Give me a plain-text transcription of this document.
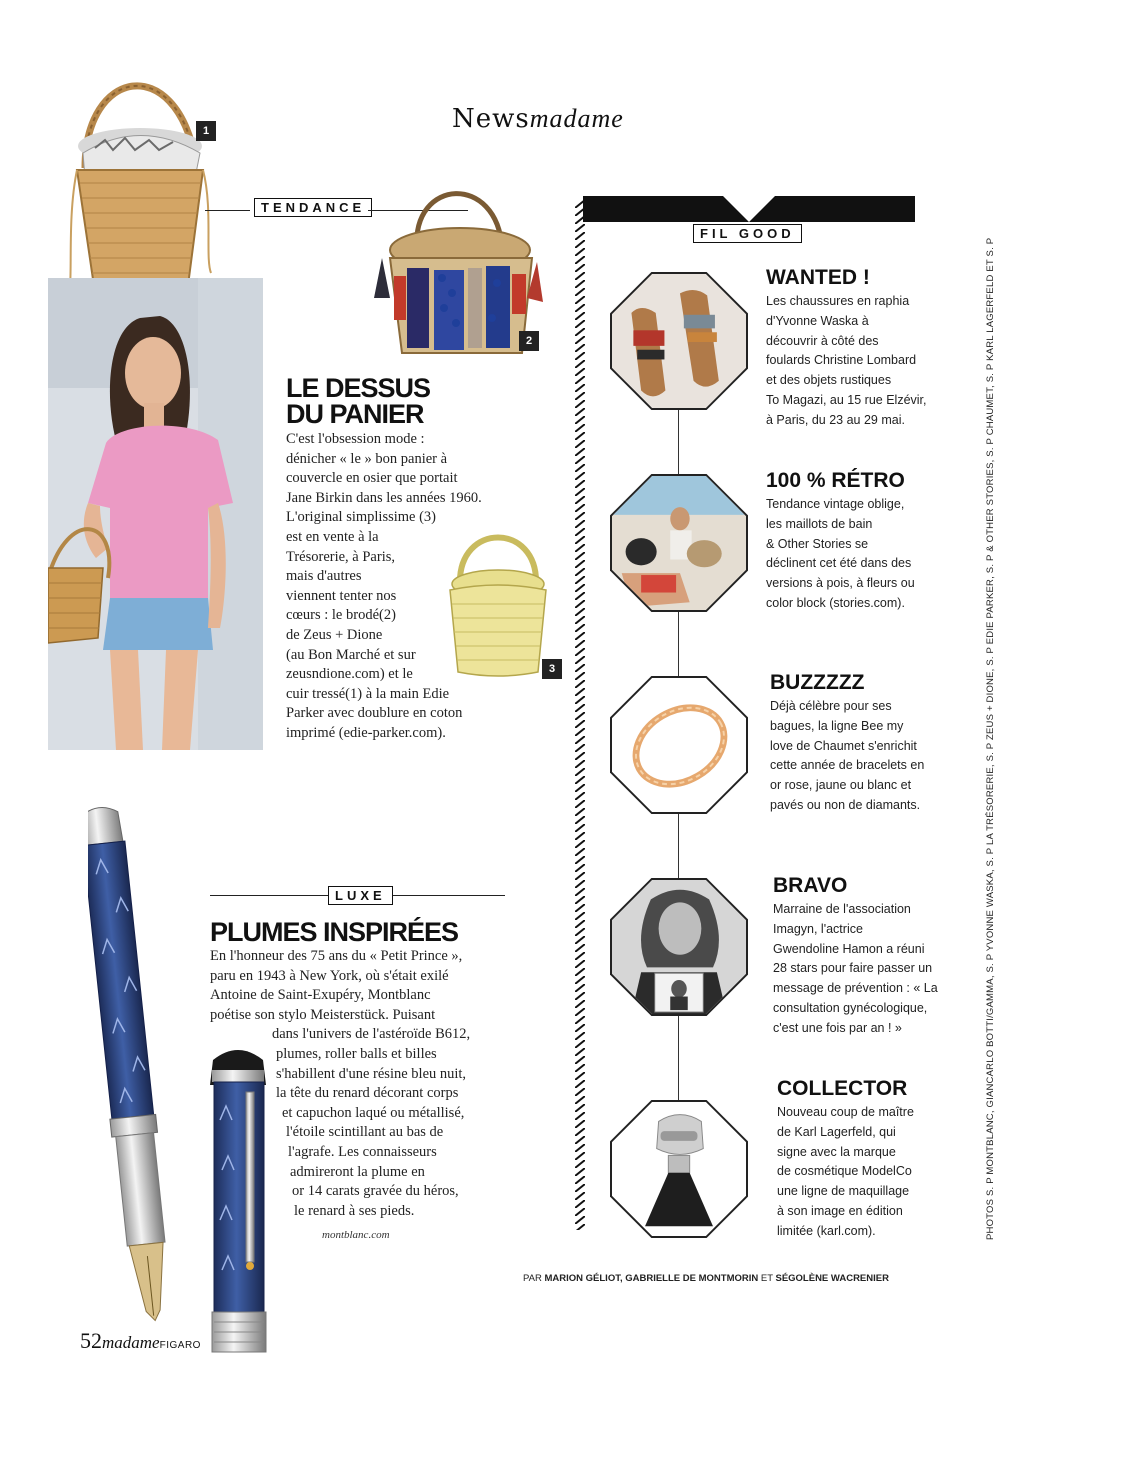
Newsmadame
1
TENDANCE
2
LE DESSUS
DU PANIER
C'est l'obsession mode :
dénicher « le » bon panier à
couvercle en osier que portait
Jane Birkin dans les années 1960.
L'original simplissime (3)
est en vente à la
Trésorerie, à Paris,
mais d'autres
viennent tenter nos
cœurs : le brodé(2)
de Zeus + Dione
(au Bon Marché et sur
zeusndione.com) et le
cuir tressé(1) à la main Edie
Parker avec doublure en coton
imprimé (edie-parker.com).
3
LUXE
PLUMES INSPIRÉES
En l'honneur des 75 ans du « Petit Prince »,
paru en 1943 à New York, où s'était exilé
Antoine de Saint-Exupéry, Montblanc
poétise son stylo Meisterstück. Puisant
dans l'univers de l'astéroïde B612,
plumes, roller balls et billes
s'habillent d'une résine bleu nuit,
la tête du renard décorant corps
et capuchon laqué ou métallisé,
l'étoile scintillant au bas de
l'agrafe. Les connaisseurs
admireront la plume en
or 14 carats gravée du héros,
le renard à ses pieds.
montblanc.com
52madameFIGARO
FIL GOOD
WANTED !
Les chaussures en raphia
d'Yvonne Waska à
découvrir à côté des
foulards Christine Lombard
et des objets rustiques
To Magazi, au 15 rue Elzévir,
à Paris, du 23 au 29 mai.
100 % RÉTRO
Tendance vintage oblige,
les maillots de bain
& Other Stories se
déclinent cet été dans des
versions à pois, à fleurs ou
color block (stories.com).
BUZZZZZ
Déjà célèbre pour ses
bagues, la ligne Bee my
love de Chaumet s'enrichit
cette année de bracelets en
or rose, jaune ou blanc et
pavés ou non de diamants.
BRAVO
Marraine de l'association
Imagyn, l'actrice
Gwendoline Hamon a réuni
28 stars pour faire passer un
message de prévention : « La
consultation gynécologique,
c'est une fois par an ! »
COLLECTOR
Nouveau coup de maître
de Karl Lagerfeld, qui
signe avec la marque
de cosmétique ModelCo
une ligne de maquillage
à son image en édition
limitée (karl.com).
PAR MARION GÉLIOT, GABRIELLE DE MONTMORIN ET SÉGOLÈNE WACRENIER
PHOTOS S. P MONTBLANC, GIANCARLO BOTTI/GAMMA, S. P YVONNE WASKA, S. P LA TRÉSORERIE, S. P ZEUS + DIONE, S. P EDIE PARKER, S. P & OTHER STORIES, S. P CHAUMET, S. P KARL LAGERFELD ET S. P
